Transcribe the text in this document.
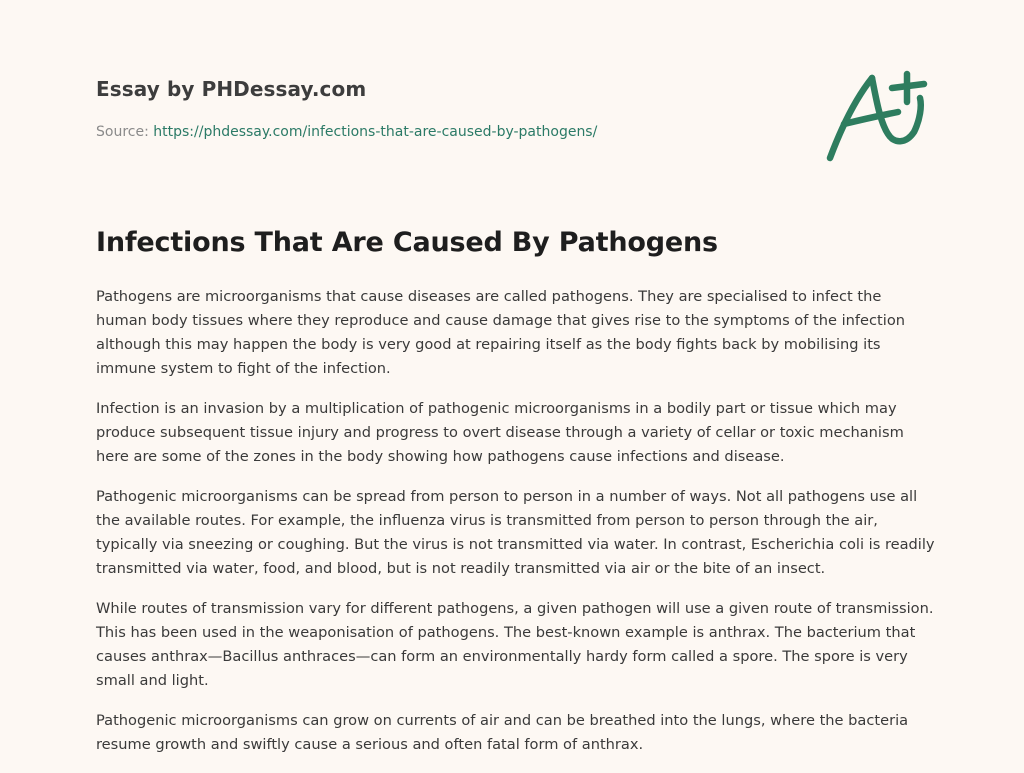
Essay by PHDessay.com
Source: https://phdessay.com/infections-that-are-caused-by-pathogens/
Infections That Are Caused By Pathogens

Pathogens are microorganisms that cause diseases are called pathogens. They are specialised to infect the human body tissues where they reproduce and cause damage that gives rise to the symptoms of the infection although this may happen the body is very good at repairing itself as the body fights back by mobilising its immune system to fight of the infection.

Infection is an invasion by a multiplication of pathogenic microorganisms in a bodily part or tissue which may produce subsequent tissue injury and progress to overt disease through a variety of cellar or toxic mechanism here are some of the zones in the body showing how pathogens cause infections and disease.

Pathogenic microorganisms can be spread from person to person in a number of ways. Not all pathogens use all the available routes. For example, the influenza virus is transmitted from person to person through the air, typically via sneezing or coughing. But the virus is not transmitted via water. In contrast, Escherichia coli is readily transmitted via water, food, and blood, but is not readily transmitted via air or the bite of an insect.

While routes of transmission vary for different pathogens, a given pathogen will use a given route of transmission. This has been used in the weaponisation of pathogens. The best-known example is anthrax. The bacterium that causes anthrax—Bacillus anthraces—can form an environmentally hardy form called a spore. The spore is very small and light.

Pathogenic microorganisms can grow on currents of air and can be breathed into the lungs, where the bacteria resume growth and swiftly cause a serious and often fatal form of anthrax.
